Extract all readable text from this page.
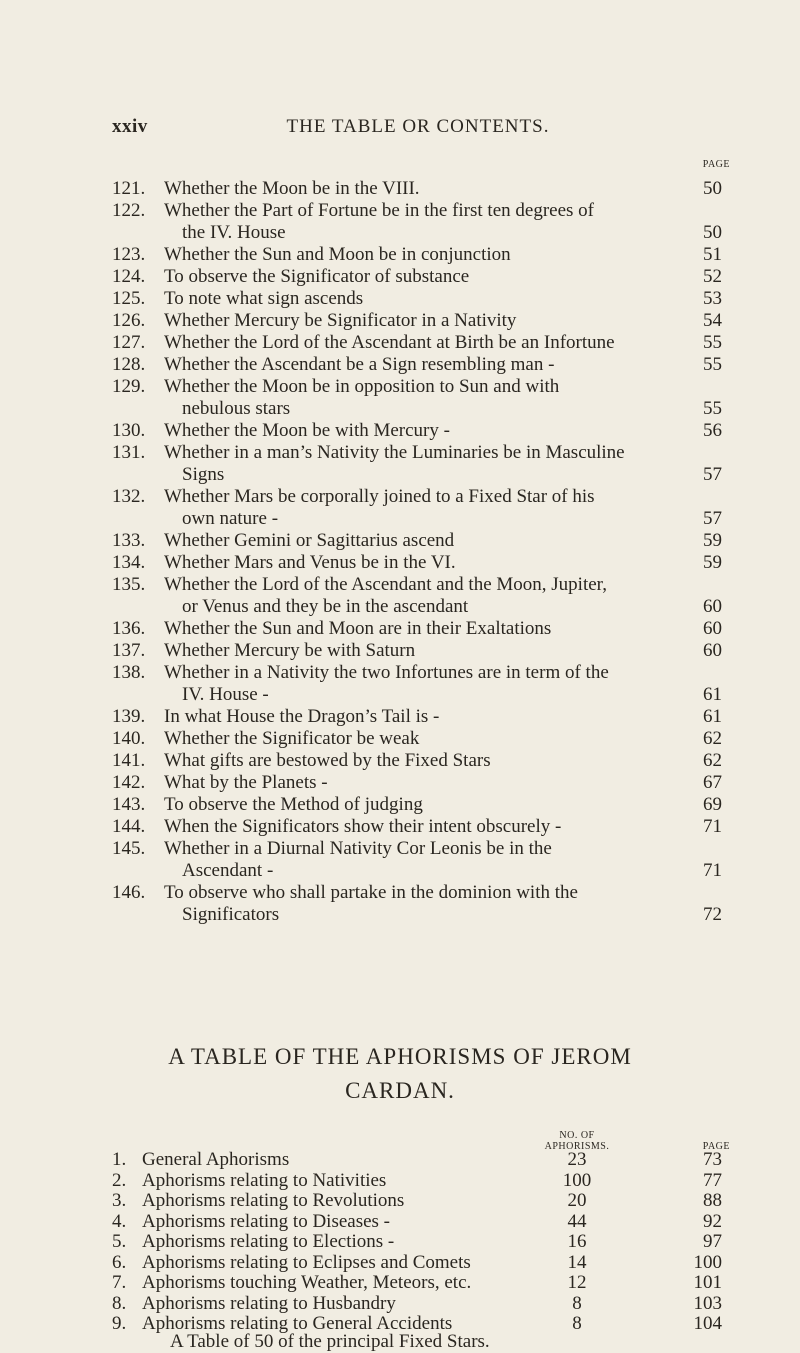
xxiv	THE TABLE OR CONTENTS.
PAGE
121. Whether the Moon be in the VIII.	50
122. Whether the Part of Fortune be in the first ten degrees of
the IV. House	50
123. Whether the Sun and Moon be in conjunction	51
124. To observe the Significator of substance	52
125. To note what sign ascends	53
126. Whether Mercury be Significator in a Nativity	54
127. Whether the Lord of the Ascendant at Birth be an Infortune	55
128. Whether the Ascendant be a Sign resembling man -	55
129. Whether the Moon be in opposition to Sun and with
nebulous stars	55
130. Whether the Moon be with Mercury -	56
131. Whether in a man’s Nativity the Luminaries be in Masculine
Signs	57
132. Whether Mars be corporally joined to a Fixed Star of his
own nature -	57
133. Whether Gemini or Sagittarius ascend	59
134. Whether Mars and Venus be in the VI.	59
135. Whether the Lord of the Ascendant and the Moon, Jupiter,
or Venus and they be in the ascendant	60
136. Whether the Sun and Moon are in their Exaltations	60
137. Whether Mercury be with Saturn	60
138. Whether in a Nativity the two Infortunes are in term of the
IV. House -	61
139. In what House the Dragon’s Tail is -	61
140. Whether the Significator be weak	62
141. What gifts are bestowed by the Fixed Stars	62
142. What by the Planets -	67
143. To observe the Method of judging	69
144. When the Significators show their intent obscurely -	71
145. Whether in a Diurnal Nativity Cor Leonis be in the
Ascendant -	71
146. To observe who shall partake in the dominion with the
Significators	72
A TABLE OF THE APHORISMS OF JEROM
CARDAN.
NO. OF
APHORISMS.	PAGE
1. General Aphorisms	23	73
2. Aphorisms relating to Nativities	100	77
3. Aphorisms relating to Revolutions	20	88
4. Aphorisms relating to Diseases -	44	92
5. Aphorisms relating to Elections -	16	97
6. Aphorisms relating to Eclipses and Comets	14	100
7. Aphorisms touching Weather, Meteors, etc.	12	101
8. Aphorisms relating to Husbandry	8	103
9. Aphorisms relating to General Accidents	8	104
A Table of 50 of the principal Fixed Stars.
